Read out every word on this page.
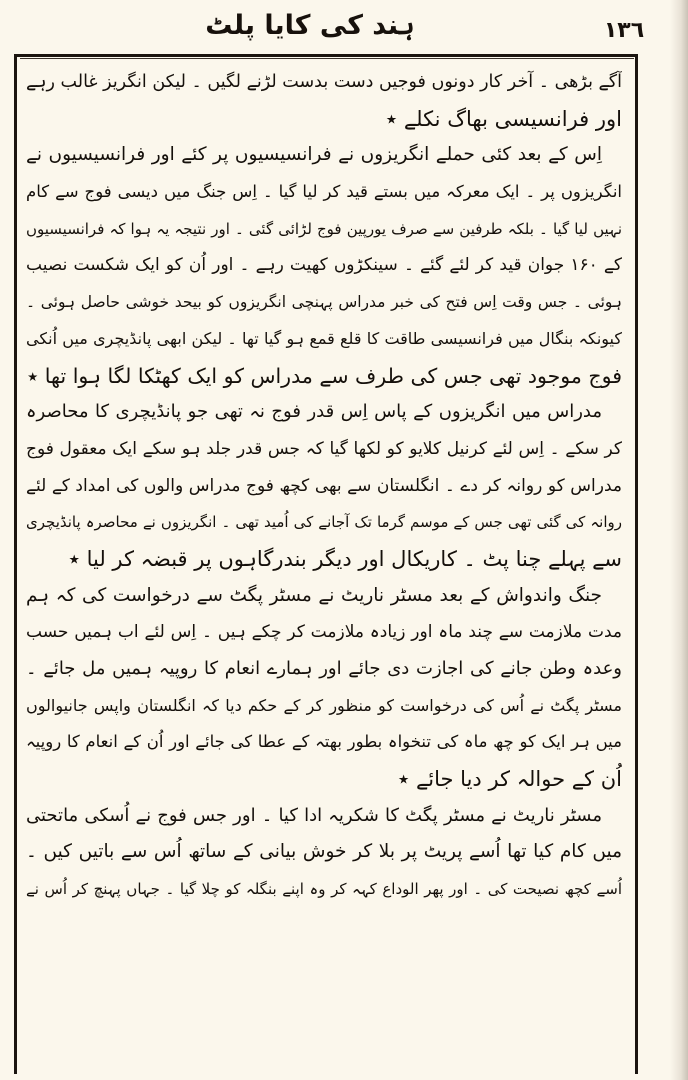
ہند کی کایا پلٹ	۱۳٦
آگے بڑھی ۔ آخر کار دونوں فوجیں دست بدست لڑنے لگیں ۔ لیکن انگریز غالب رہے
اور فرانسیسی بھاگ نکلے ٭
اِس کے بعد کئی حملے انگریزوں نے فرانسیسیوں پر کئے اور فرانسیسیوں نے
انگریزوں پر ۔ ایک معرکہ میں بستے قید کر لیا گیا ۔ اِس جنگ میں دیسی فوج سے کام
نہیں لیا گیا ۔ بلکہ طرفین سے صرف یورپین فوج لڑائی گئی ۔ اور نتیجہ یہ ہوا کہ فرانسیسیوں
کے ۱۶۰ جوان قید کر لئے گئے ۔ سینکڑوں کھیت رہے ۔ اور اُن کو ایک شکست نصیب
ہوئی ۔ جس وقت اِس فتح کی خبر مدراس پہنچی انگریزوں کو بیحد خوشی حاصل ہوئی ۔
کیونکہ بنگال میں فرانسیسی طاقت کا قلع قمع ہو گیا تھا ۔ لیکن ابھی پانڈیچری میں اُنکی
فوج موجود تھی جس کی طرف سے مدراس کو ایک کھٹکا لگا ہوا تھا ٭
مدراس میں انگریزوں کے پاس اِس قدر فوج نہ تھی جو پانڈیچری کا محاصرہ
کر سکے ۔ اِس لئے کرنیل کلایو کو لکھا گیا کہ جس قدر جلد ہو سکے ایک معقول فوج
مدراس کو روانہ کر دے ۔ انگلستان سے بھی کچھ فوج مدراس والوں کی امداد کے لئے
روانہ کی گئی تھی جس کے موسم گرما تک آجانے کی اُمید تھی ۔ انگریزوں نے محاصرہ پانڈیچری
سے پہلے چنا پٹ ۔ کاریکال اور دیگر بندرگاہوں پر قبضہ کر لیا ٭
جنگ واندواش کے بعد مسٹر ناریٹ نے مسٹر پگٹ سے درخواست کی کہ ہم
مدت ملازمت سے چند ماہ اور زیادہ ملازمت کر چکے ہیں ۔ اِس لئے اب ہمیں حسب
وعدہ وطن جانے کی اجازت دی جائے اور ہمارے انعام کا روپیہ ہمیں مل جائے ۔
مسٹر پگٹ نے اُس کی درخواست کو منظور کر کے حکم دیا کہ انگلستان واپس جانیوالوں
میں ہر ایک کو چھ ماہ کی تنخواہ بطور بھتہ کے عطا کی جائے اور اُن کے انعام کا روپیہ
اُن کے حوالہ کر دیا جائے ٭
مسٹر ناریٹ نے مسٹر پگٹ کا شکریہ ادا کیا ۔ اور جس فوج نے اُسکی ماتحتی
میں کام کیا تھا اُسے پریٹ پر بلا کر خوش بیانی کے ساتھ اُس سے باتیں کیں ۔
اُسے کچھ نصیحت کی ۔ اور پھر الوداع کہہ کر وہ اپنے بنگلہ کو چلا گیا ۔ جہاں پہنچ کر اُس نے
